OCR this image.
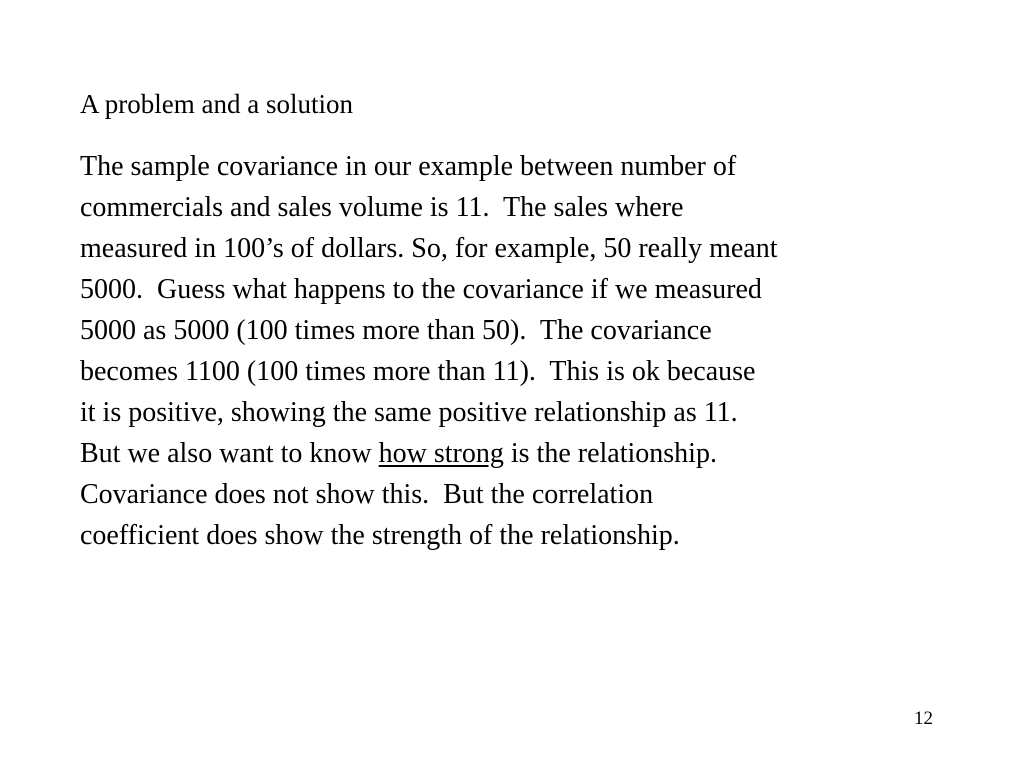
A problem and a solution
The sample covariance in our example between number of
commercials and sales volume is 11.  The sales where
measured in 100’s of dollars. So, for example, 50 really meant
5000.  Guess what happens to the covariance if we measured
5000 as 5000 (100 times more than 50).  The covariance
becomes 1100 (100 times more than 11).  This is ok because
it is positive, showing the same positive relationship as 11.
But we also want to know how strong is the relationship.
Covariance does not show this.  But the correlation
coefficient does show the strength of the relationship.
12
